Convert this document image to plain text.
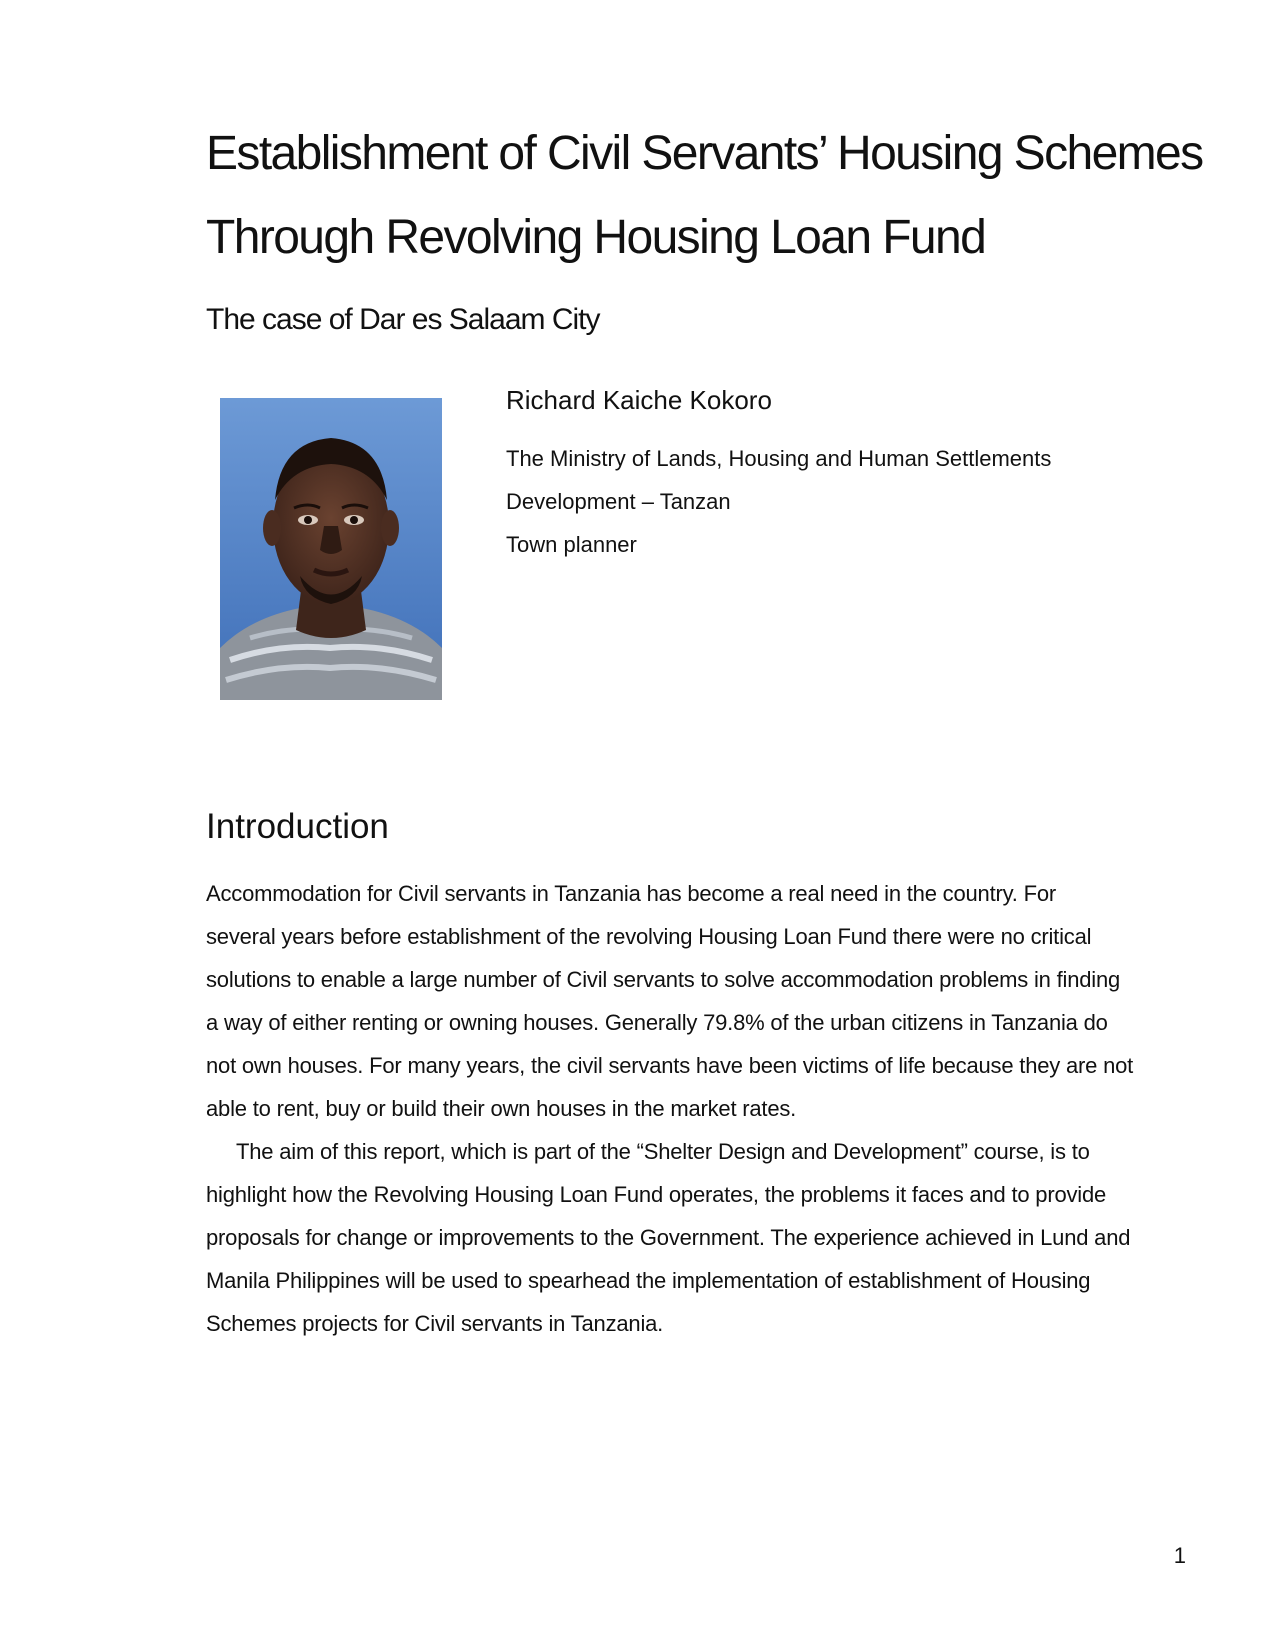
Establishment of Civil Servants’ Housing Schemes
Through Revolving Housing Loan Fund
The case of Dar es Salaam City
Richard Kaiche Kokoro
The Ministry of Lands, Housing and Human Settlements
Development – Tanzan
Town planner
Introduction
Accommodation for Civil servants in Tanzania has become a real need in the country. For
several years before establishment of the revolving Housing Loan Fund there were no critical
solutions to enable a large number of Civil servants to solve accommodation problems in finding
a way of either renting or owning houses. Generally 79.8% of the urban citizens in Tanzania do
not own houses. For many years, the civil servants have been victims of life because they are not
able to rent, buy or build their own houses in the market rates.
The aim of this report, which is part of the “Shelter Design and Development” course, is to
highlight how the Revolving Housing Loan Fund operates, the problems it faces and to provide
proposals for change or improvements to the Government. The experience achieved in Lund and
Manila Philippines will be used to spearhead the implementation of establishment of Housing
Schemes projects for Civil servants in Tanzania.
1
